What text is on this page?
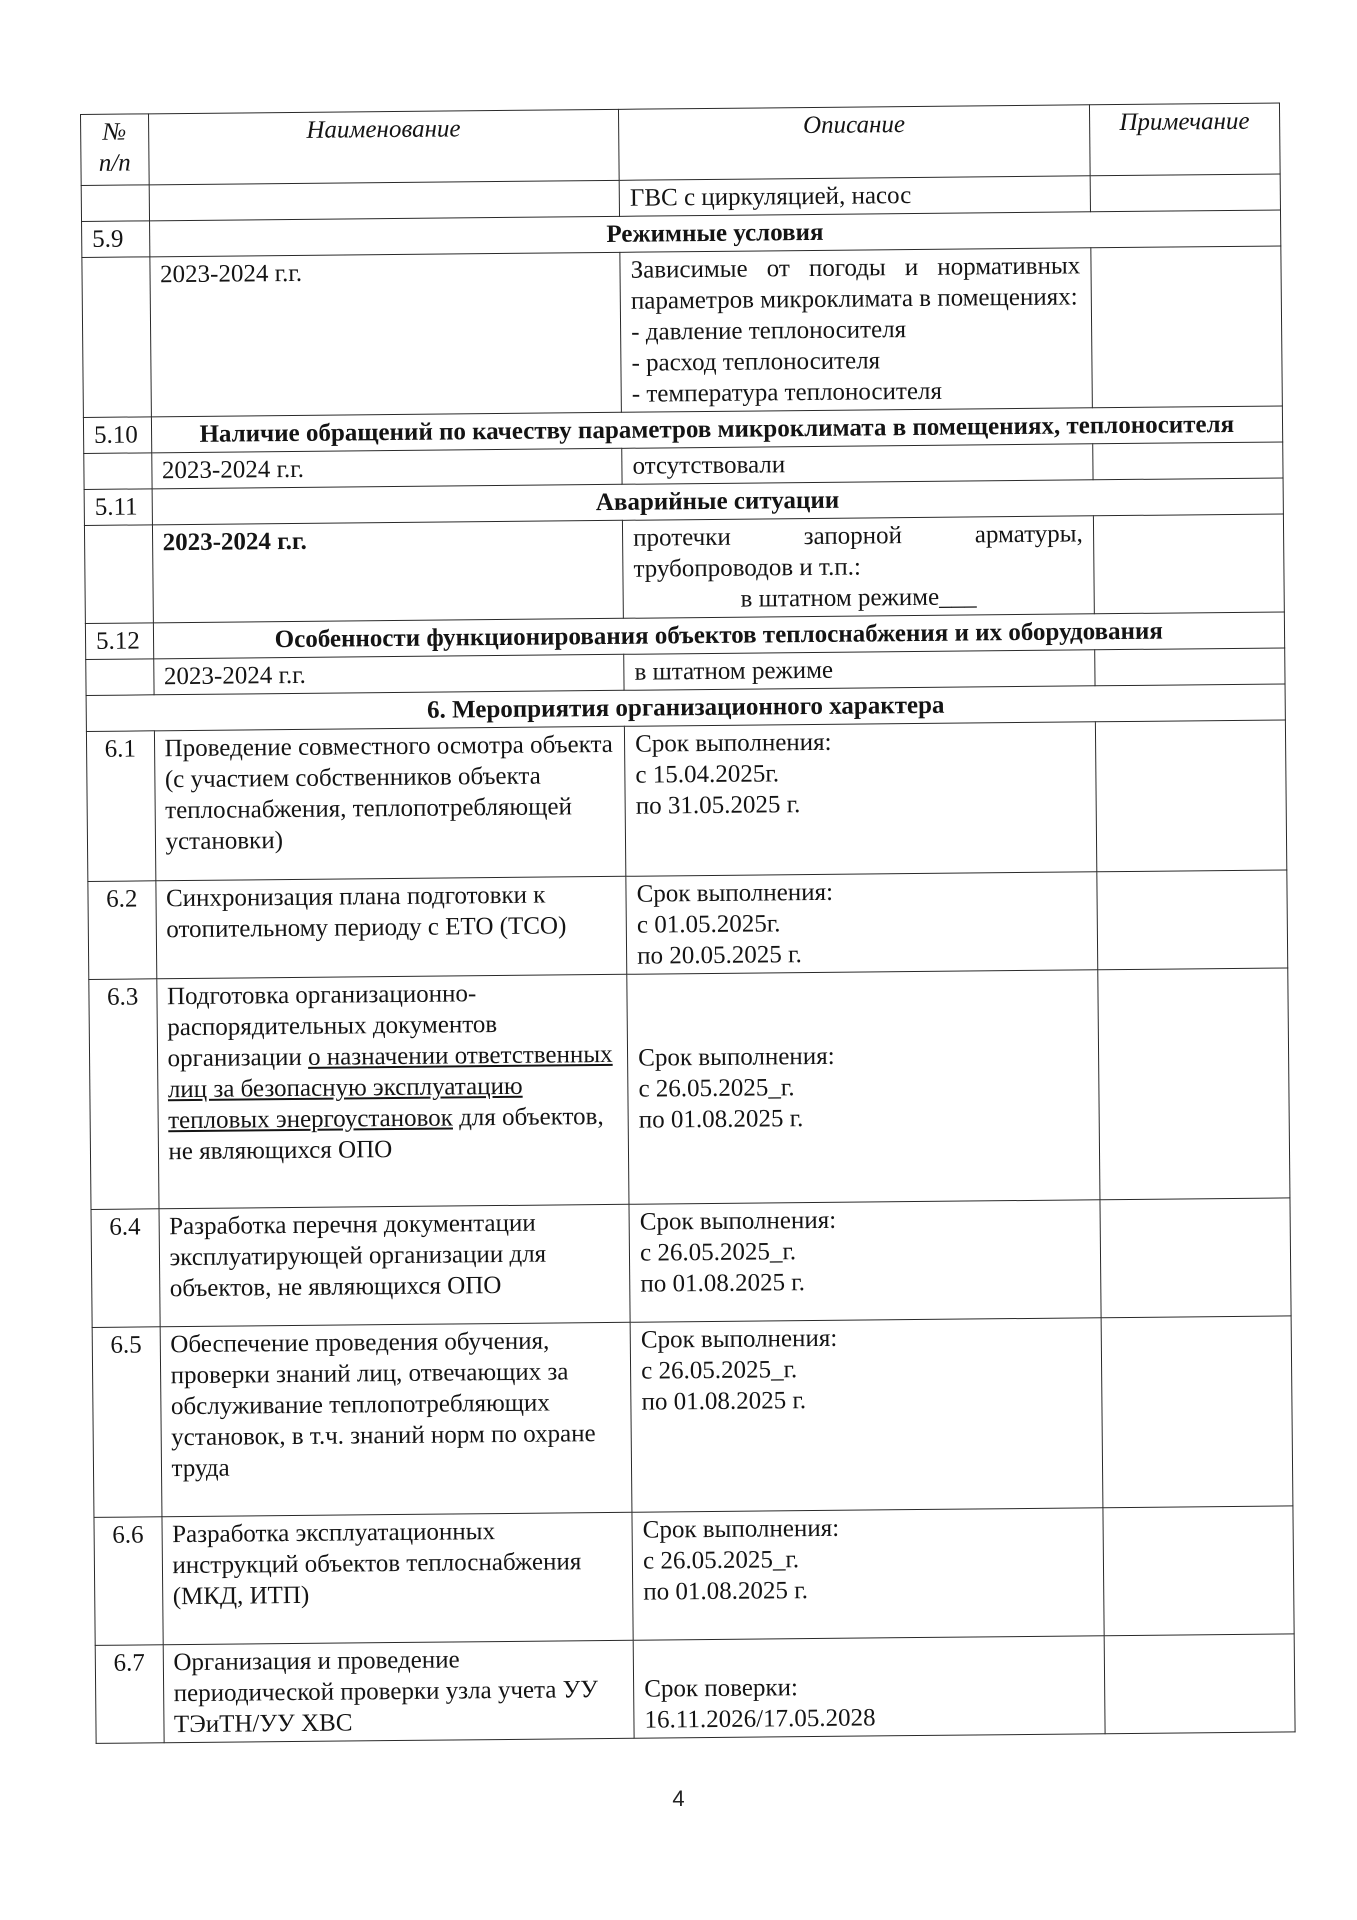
№ п/п	Наименование	Описание	Примечание
		ГВС с циркуляцией, насос	
5.9	Режимные условия		
	2023-2024 г.г.	Зависимые от погоды и нормативных параметров микроклимата в помещениях:
- давление теплоносителя
- расход теплоносителя
- температура теплоносителя	

5.10	Наличие обращений по качеству параметров микроклимата в помещениях, теплоносителя		
	2023-2024 г.г.	отсутствовали	
5.11	Аварийные ситуации		
	2023-2024 г.г.	протечки запорной арматуры, трубопроводов и т.п.:
в штатном режиме___	

5.12	Особенности функционирования объектов теплоснабжения и их оборудования		
	2023-2024 г.г.	в штатном режиме	
6. Мероприятия организационного характера			
6.1	Проведение совместного осмотра объекта (с участием собственников объекта теплоснабжения, теплопотребляющей установки)	Срок выполнения:
с 15.04.2025г.
по 31.05.2025 г.	

6.2	Синхронизация плана подготовки к отопительному периоду с ЕТО (ТСО)	Срок выполнения:
с 01.05.2025г.
по 20.05.2025 г.	

6.3	Подготовка организационно-распорядительных документов организации о назначении ответственных лиц за безопасную эксплуатацию тепловых энергоустановок для объектов, не являющихся ОПО	Срок выполнения:
с 26.05.2025_г.
по 01.08.2025 г.	

6.4	Разработка перечня документации эксплуатирующей организации для объектов, не являющихся ОПО	Срок выполнения:
с 26.05.2025_г.
по 01.08.2025 г.	

6.5	Обеспечение проведения обучения, проверки знаний лиц, отвечающих за обслуживание теплопотребляющих установок, в т.ч. знаний норм по охране труда	Срок выполнения:
с 26.05.2025_г.
по 01.08.2025 г.	

6.6	Разработка эксплуатационных инструкций объектов теплоснабжения (МКД, ИТП)	Срок выполнения:
с 26.05.2025_г.
по 01.08.2025 г.	

6.7	Организация и проведение периодической проверки узла учета УУ ТЭиТН/УУ ХВС	Срок поверки:
16.11.2026/17.05.2028	

4
